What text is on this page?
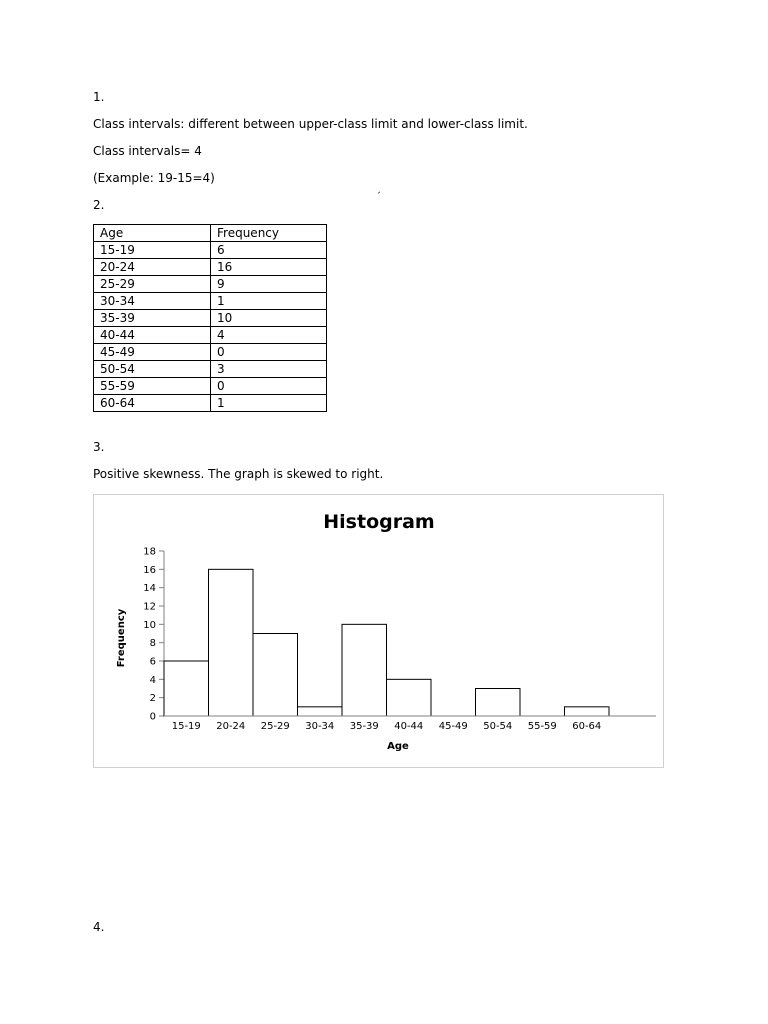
1.
Class intervals: different between upper-class limit and lower-class limit.
Class intervals= 4
(Example: 19-15=4)
ˏ
2.
Age	Frequency
15-19	6
20-24	16
25-29	9
30-34	1
35-39	10
40-44	4
45-49	0
50-54	3
55-59	0
60-64	1
3.
Positive skewness. The graph is skewed to right.
Histogram
0
2
4
6
8
10
12
14
16
18
15-19 20-24 25-29 30-34 35-39 40-44 45-49 50-54 55-59 60-64
Frequency
Age
4.
